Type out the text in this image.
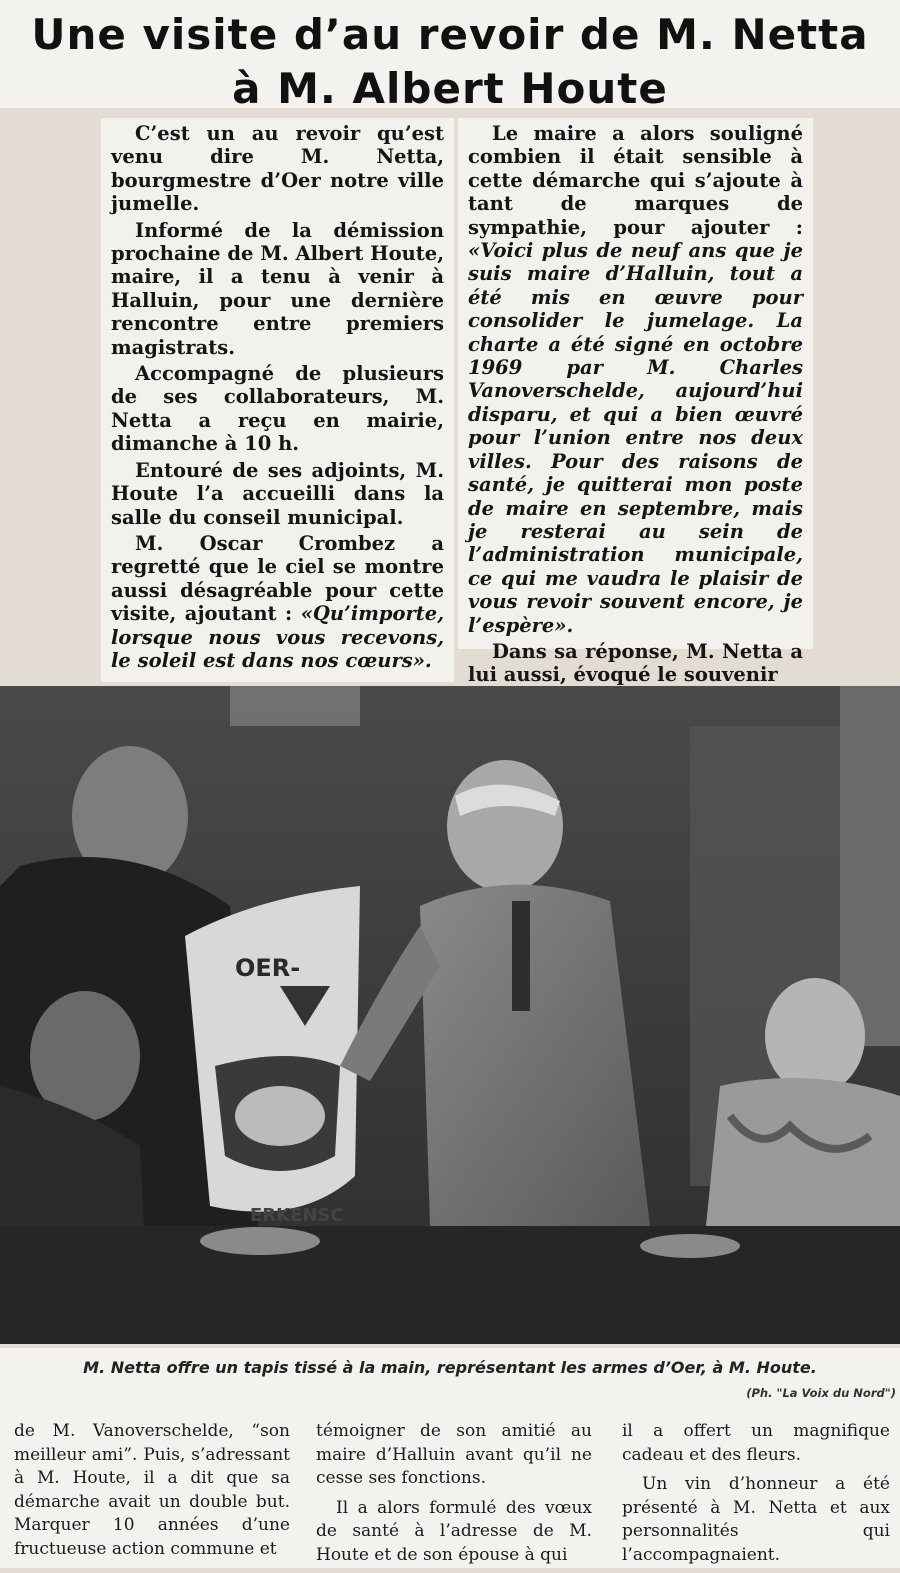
Une visite d’au revoir de M. Netta
à M. Albert Houte

C’est un au revoir qu’est venu dire M. Netta, bourgmestre d’Oer notre ville jumelle.

Informé de la démission prochaine de M. Albert Houte, maire, il a tenu à venir à Halluin, pour une dernière rencontre entre premiers magistrats.

Accompagné de plusieurs de ses collaborateurs, M. Netta a reçu en mairie, dimanche à 10 h.

Entouré de ses adjoints, M. Houte l’a accueilli dans la salle du conseil municipal.

M. Oscar Crombez a regretté que le ciel se montre aussi désagréable pour cette visite, ajoutant : «Qu’importe, lorsque nous vous recevons, le soleil est dans nos cœurs».

Le maire a alors souligné combien il était sensible à cette démarche qui s’ajoute à tant de marques de sympathie, pour ajouter : «Voici plus de neuf ans que je suis maire d’Halluin, tout a été mis en œuvre pour consolider le jumelage. La charte a été signé en octobre 1969 par M. Charles Vanoverschelde, aujourd’hui disparu, et qui a bien œuvré pour l’union entre nos deux villes. Pour des raisons de santé, je quitterai mon poste de maire en septembre, mais je resterai au sein de l’administration municipale, ce qui me vaudra le plaisir de vous revoir souvent encore, je l’espère».

Dans sa réponse, M. Netta a lui aussi, évoqué le souvenir

OER-
ERKENSC
M. Netta offre un tapis tissé à la main, représentant les armes d’Oer, à M. Houte.
(Ph. "La Voix du Nord")

de M. Vanoverschelde, “son meilleur ami”. Puis, s’adressant à M. Houte, il a dit que sa démarche avait un double but. Marquer 10 années d’une fructueuse action commune et

témoigner de son amitié au maire d’Halluin avant qu’il ne cesse ses fonctions.

Il a alors formulé des vœux de santé à l’adresse de M. Houte et de son épouse à qui

il a offert un magnifique cadeau et des fleurs.

Un vin d’honneur a été présenté à M. Netta et aux personnalités qui l’accompagnaient.
